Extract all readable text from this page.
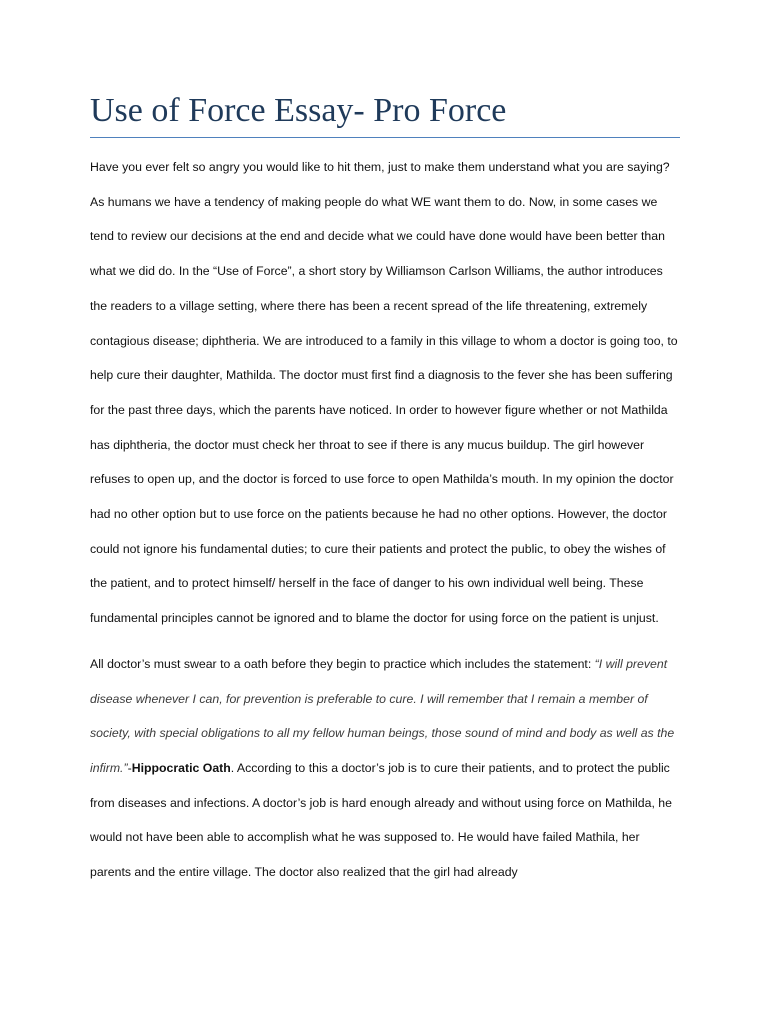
Use of Force Essay- Pro Force

Have you ever felt so angry you would like to hit them, just to make them understand what you are saying? As humans we have a tendency of making people do what WE want them to do. Now, in some cases we tend to review our decisions at the end and decide what we could have done would have been better than what we did do. In the “Use of Force”, a short story by Williamson Carlson Williams, the author introduces the readers to a village setting, where there has been a recent spread of the life threatening, extremely contagious disease; diphtheria. We are introduced to a family in this village to whom a doctor is going too, to help cure their daughter, Mathilda. The doctor must first find a diagnosis to the fever she has been suffering for the past three days, which the parents have noticed. In order to however figure whether or not Mathilda has diphtheria, the doctor must check her throat to see if there is any mucus buildup. The girl however refuses to open up, and the doctor is forced to use force to open Mathilda’s mouth. In my opinion the doctor had no other option but to use force on the patients because he had no other options. However, the doctor could not ignore his fundamental duties; to cure their patients and protect the public, to obey the wishes of the patient, and to protect himself/ herself in the face of danger to his own individual well being. These fundamental principles cannot be ignored and to blame the doctor for using force on the patient is unjust.

All doctor’s must swear to a oath before they begin to practice which includes the statement: “I will prevent disease whenever I can, for prevention is preferable to cure. I will remember that I remain a member of society, with special obligations to all my fellow human beings, those sound of mind and body as well as the infirm.”-Hippocratic Oath. According to this a doctor’s job is to cure their patients, and to protect the public from diseases and infections. A doctor’s job is hard enough already and without using force on Mathilda, he would not have been able to accomplish what he was supposed to. He would have failed Mathila, her parents and the entire village. The doctor also realized that the girl had already
